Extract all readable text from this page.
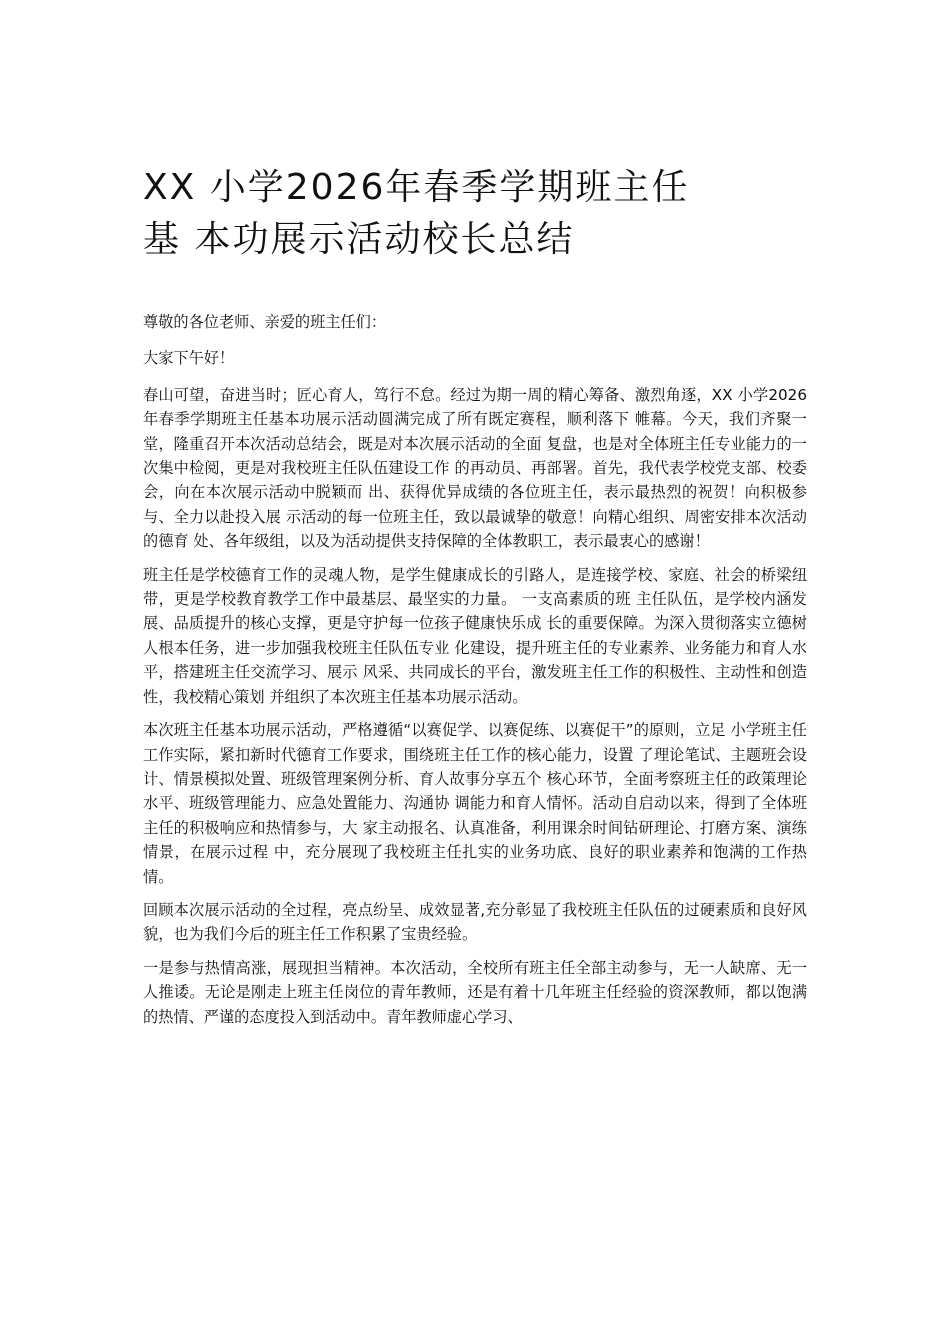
XX 小学2026年春季学期班主任
基 本功展示活动校长总结

尊敬的各位老师、亲爱的班主任们：

大家下午好！

春山可望，奋进当时；匠心育人，笃行不怠。经过为期一周的精心筹备、激烈角逐，XX 小学2026年春季学期班主任基本功展示活动圆满完成了所有既定赛程，顺利落下 帷幕。今天，我们齐聚一堂，隆重召开本次活动总结会，既是对本次展示活动的全面 复盘，也是对全体班主任专业能力的一次集中检阅，更是对我校班主任队伍建设工作 的再动员、再部署。首先，我代表学校党支部、校委会，向在本次展示活动中脱颖而 出、获得优异成绩的各位班主任，表示最热烈的祝贺！向积极参与、全力以赴投入展 示活动的每一位班主任，致以最诚挚的敬意！向精心组织、周密安排本次活动的德育 处、各年级组，以及为活动提供支持保障的全体教职工，表示最衷心的感谢！

班主任是学校德育工作的灵魂人物，是学生健康成长的引路人，是连接学校、家庭、社会的桥梁纽带，更是学校教育教学工作中最基层、最坚实的力量。 一支高素质的班 主任队伍，是学校内涵发展、品质提升的核心支撑，更是守护每一位孩子健康快乐成 长的重要保障。为深入贯彻落实立德树人根本任务，进一步加强我校班主任队伍专业 化建设，提升班主任的专业素养、业务能力和育人水平，搭建班主任交流学习、展示 风采、共同成长的平台，激发班主任工作的积极性、主动性和创造性，我校精心策划 并组织了本次班主任基本功展示活动。

本次班主任基本功展示活动，严格遵循“以赛促学、以赛促练、以赛促干”的原则，立足 小学班主任工作实际，紧扣新时代德育工作要求，围绕班主任工作的核心能力，设置 了理论笔试、主题班会设计、情景模拟处置、班级管理案例分析、育人故事分享五个 核心环节，全面考察班主任的政策理论水平、班级管理能力、应急处置能力、沟通协 调能力和育人情怀。活动自启动以来，得到了全体班主任的积极响应和热情参与，大 家主动报名、认真准备，利用课余时间钻研理论、打磨方案、演练情景，在展示过程 中，充分展现了我校班主任扎实的业务功底、良好的职业素养和饱满的工作热情。

回顾本次展示活动的全过程，亮点纷呈、成效显著,充分彰显了我校班主任队伍的过硬素质和良好风貌，也为我们今后的班主任工作积累了宝贵经验。

一是参与热情高涨，展现担当精神。本次活动，全校所有班主任全部主动参与，无一人缺席、无一人推诿。无论是刚走上班主任岗位的青年教师，还是有着十几年班主任经验的资深教师，都以饱满的热情、严谨的态度投入到活动中。青年教师虚心学习、
